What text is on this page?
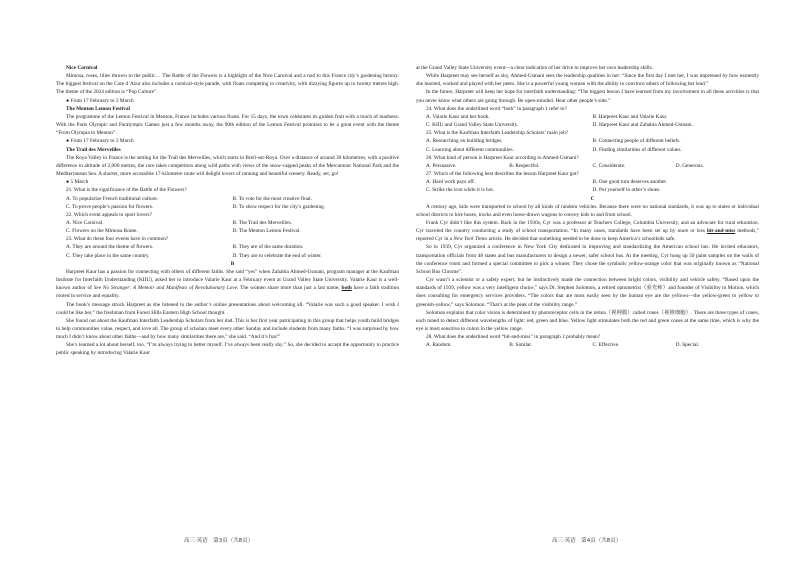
Nice Carnival

Mimosa, roses, lilies thrown to the public… The Battle of the Flowers is a highlight of the Nice Carnival and a nod to this France city’s gardening history. The biggest festival on the Cote d’Azur also includes a carnival-style parade, with floats competing in creativity, with dizzying figures up to twenty metres high. The theme of the 2024 edition is “Pop Culture”.

● From 17 February to 3 March

The Menton Lemon Festival

The programme of the Lemon Festival in Menton, France includes various floats. For 15 days, the town celebrates its golden fruit with a touch of madness. With the Paris Olympic and Paralympic Games just a few months away, the 90th edition of the Lemon Festival promises to be a great event with the theme “From Olympia to Menton”.

● From 17 February to 3 March

The Trail des Merveilles

The Roya Valley in France is the setting for the Trail des Merveilles, which starts in Breil-sur-Roya. Over a distance of around 30 kilometres, with a positive difference in altitude of 2,000 metres, the race takes competitors along wild paths with views of the snow-capped peaks of the Mercantour National Park and the Mediterranean Sea. A shorter, more accessible 17-kilometre route will delight lovers of running and beautiful scenery. Ready, set, go!

● 5 March

21. What is the significance of the Battle of the Flowers?

A. To popularize French traditional culture.	B. To vote for the most creative float.
C. To prove people’s passion for flowers.	D. To show respect for the city’s gardening.

22. Which event appeals to sport lovers?

A. Nice Carnival.	B. The Trail des Merveilles.
C. Flowers on the Mimosa Route.	D. The Menton Lemon Festival.

23. What do these four events have in common?

A. They are around the theme of flowers.	B. They are of the same duration.
C. They take place in the same country.	D. They are to celebrate the end of winter.

B

Harpreet Kaur has a passion for connecting with others of different faiths. She said “yes” when Zahabia Ahmed-Usmani, program manager at the Kaufman Institute for Interfaith Understanding (KIIU), asked her to introduce Valarie Kaur at a February event at Grand Valley State University. Valarie Kaur is a well-known author of See No Stranger: A Memoir and Manifesto of Revolutionary Love. The women share more than just a last name; both have a faith tradition rooted in service and equality.

The book’s message struck Harpreet as she listened to the author’s online presentations about welcoming all. “Valarie was such a good speaker. I wish I could be like her,” the freshman from Forest Hills Eastern High School thought.

She found out about the Kaufman Interfaith Leadership Scholars from her dad. This is her first year participating in this group that helps youth build bridges to help communities value, respect, and love all. The group of scholars meet every other Sunday and include students from many faiths. “I was surprised by how much I didn’t know about other faiths—and by how many similarities there are,” she said. “And it’s fun!”

She’s learned a lot about herself, too. “I’m always trying to better myself. I’ve always been really shy.” So, she decided to accept the opportunity to practice public speaking by introducing Valarie Kaur

at the Grand Valley State University event—a clear indication of her drive to improve her own leadership skills.

While Harpreet may see herself as shy, Ahmed-Usmani sees the leadership qualities in her: “Since the first day I met her, I was impressed by how earnestly she learned, worked and played with her peers. She is a powerful young woman with the ability to convince others of following her lead.”

In the future, Harpreet will keep her hope for interfaith understanding: “The biggest lesson I have learned from my involvement in all these activities is that you never know what others are going through. Be open-minded. Hear other people’s side.”

24. What does the underlined word “both” in paragraph 1 refer to?

A. Valarie Kaur and her book.	B. Harpreet Kaur and Valarie Kaur.
C. KIIU and Grand Valley State University.	D. Harpreet Kaur and Zahabia Ahmed-Usmani.

25. What is the Kaufman Interfaith Leadership Scholars’ main job?

A. Researching on building bridges.	B. Connecting people of different beliefs.
C. Learning about different communities.	D. Finding similarities of different values.

26. What kind of person is Harpreet Kaur according to Ahmed-Usmani?

A. Persuasive.	B. Respectful.	C. Considerate.	D. Generous.

27. Which of the following best describes the lesson Harpreet Kaur got?

A. Hard work pays off.	B. One good turn deserves another.
C. Strike the iron while it is hot.	D. Put yourself in other’s shoes.

C

A century ago, kids were transported to school by all kinds of random vehicles. Because there were no national standards, it was up to states or individual school districts to hire buses, trucks and even horse-drawn wagons to convey kids to and from school.

Frank Cyr didn’t like this system. Back in the 1930s, Cyr was a professor at Teachers College, Columbia University, and an advocate for rural education. Cyr traveled the country conducting a study of school transportation. “In many cases, standards have been set up by more or less hit-and-miss methods,” reported Cyr in a New York Times article. He decided that something needed to be done to keep America’s schoolkids safe.

So in 1939, Cyr organized a conference in New York City dedicated to improving and standardizing the American school bus. He invited educators, transportation officials from 48 states and bus manufacturers to design a newer, safer school bus. At the meeting, Cyr hung up 50 paint samples on the walls of the conference room and formed a special committee to pick a winner. They chose the symbolic yellow-orange color that was originally known as “National School Bus Chrome”.

Cyr wasn’t a scientist or a safety expert, but he instinctively made the connection between bright colors, visibility and vehicle safety. “Based upon the standards of 1939, yellow was a very intelligent choice,” says Dr. Stephen Solomon, a retired optometrist（验光师）and founder of Visibility in Motion, which does consulting for emergency services providers. “The colors that are most easily seen by the human eye are the yellows—the yellow-green to yellow to greenish-yellow,” says Solomon. “That’s at the peak of the visibility range.”

Solomon explains that color vision is determined by photoreceptor cells in the retina（视网膜）called cones（视锥细胞）. There are three types of cones, each tuned to detect different wavelengths of light: red, green and blue. Yellow light stimulates both the red and green cones at the same time, which is why the eye is most sensitive to colors in the yellow range.

28. What does the underlined word “hit-and-miss” in paragraph 2 probably mean?

A. Random.	B. Similar.	C. Effective.	D. Special.
高三·英语　第3页（共8页）	高三·英语　第4页（共8页）
